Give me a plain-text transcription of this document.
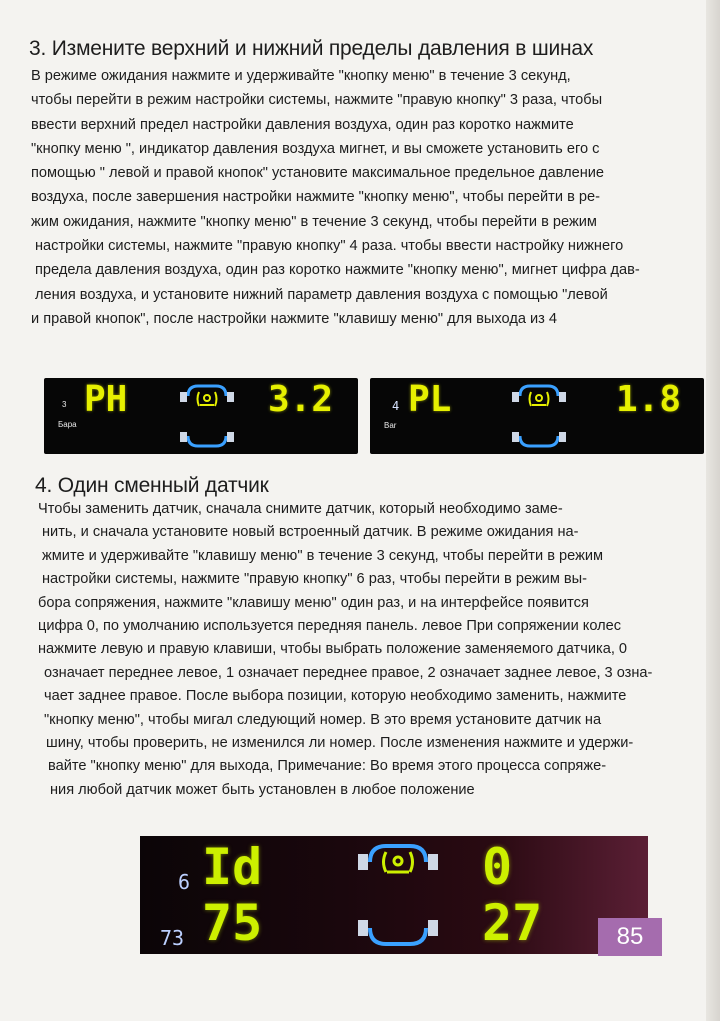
3. Измените верхний и нижний пределы давления в шинах
В режиме ожидания нажмите и удерживайте "кнопку меню" в течение 3 секунд,
чтобы перейти в режим настройки системы, нажмите "правую кнопку" 3 раза, чтобы
ввести верхний предел настройки давления воздуха, один раз коротко нажмите
"кнопку меню ", индикатор давления воздуха мигнет, и вы сможете установить его с
помощью " левой и правой кнопок" установите максимальное предельное давление
воздуха, после завершения настройки нажмите "кнопку меню", чтобы перейти в ре-
жим ожидания, нажмите "кнопку меню" в течение 3 секунд, чтобы перейти в режим
настройки системы, нажмите "правую кнопку" 4 раза. чтобы ввести настройку нижнего
предела давления воздуха, один раз коротко нажмите "кнопку меню", мигнет цифра дав-
ления воздуха, и установите нижний параметр давления воздуха с помощью "левой
и правой кнопок", после настройки нажмите "клавишу меню" для выхода из 4
3
Бара
PH	3.2	4
Bar
PL	1.8
4. Один сменный датчик
Чтобы заменить датчик, сначала снимите датчик, который необходимо заме-
нить, и сначала установите новый встроенный датчик. В режиме ожидания на-
жмите и удерживайте "клавишу меню" в течение 3 секунд, чтобы перейти в режим
настройки системы, нажмите "правую кнопку" 6 раз, чтобы перейти в режим вы-
бора сопряжения, нажмите "клавишу меню" один раз, и на интерфейсе появится
цифра 0, по умолчанию используется передняя панель. левое При сопряжении колес
нажмите левую и правую клавиши, чтобы выбрать положение заменяемого датчика, 0
означает переднее левое, 1 означает переднее правое, 2 означает заднее левое, 3 озна-
чает заднее правое. После выбора позиции, которую необходимо заменить, нажмите
"кнопку меню", чтобы мигал следующий номер. В это время установите датчик на
шину, чтобы проверить, не изменился ли номер. После изменения нажмите и удержи-
вайте "кнопку меню" для выхода, Примечание: Во время этого процесса сопряже-
ния любой датчик может быть установлен в любое положение
6 Id	0
73 75	27	85
